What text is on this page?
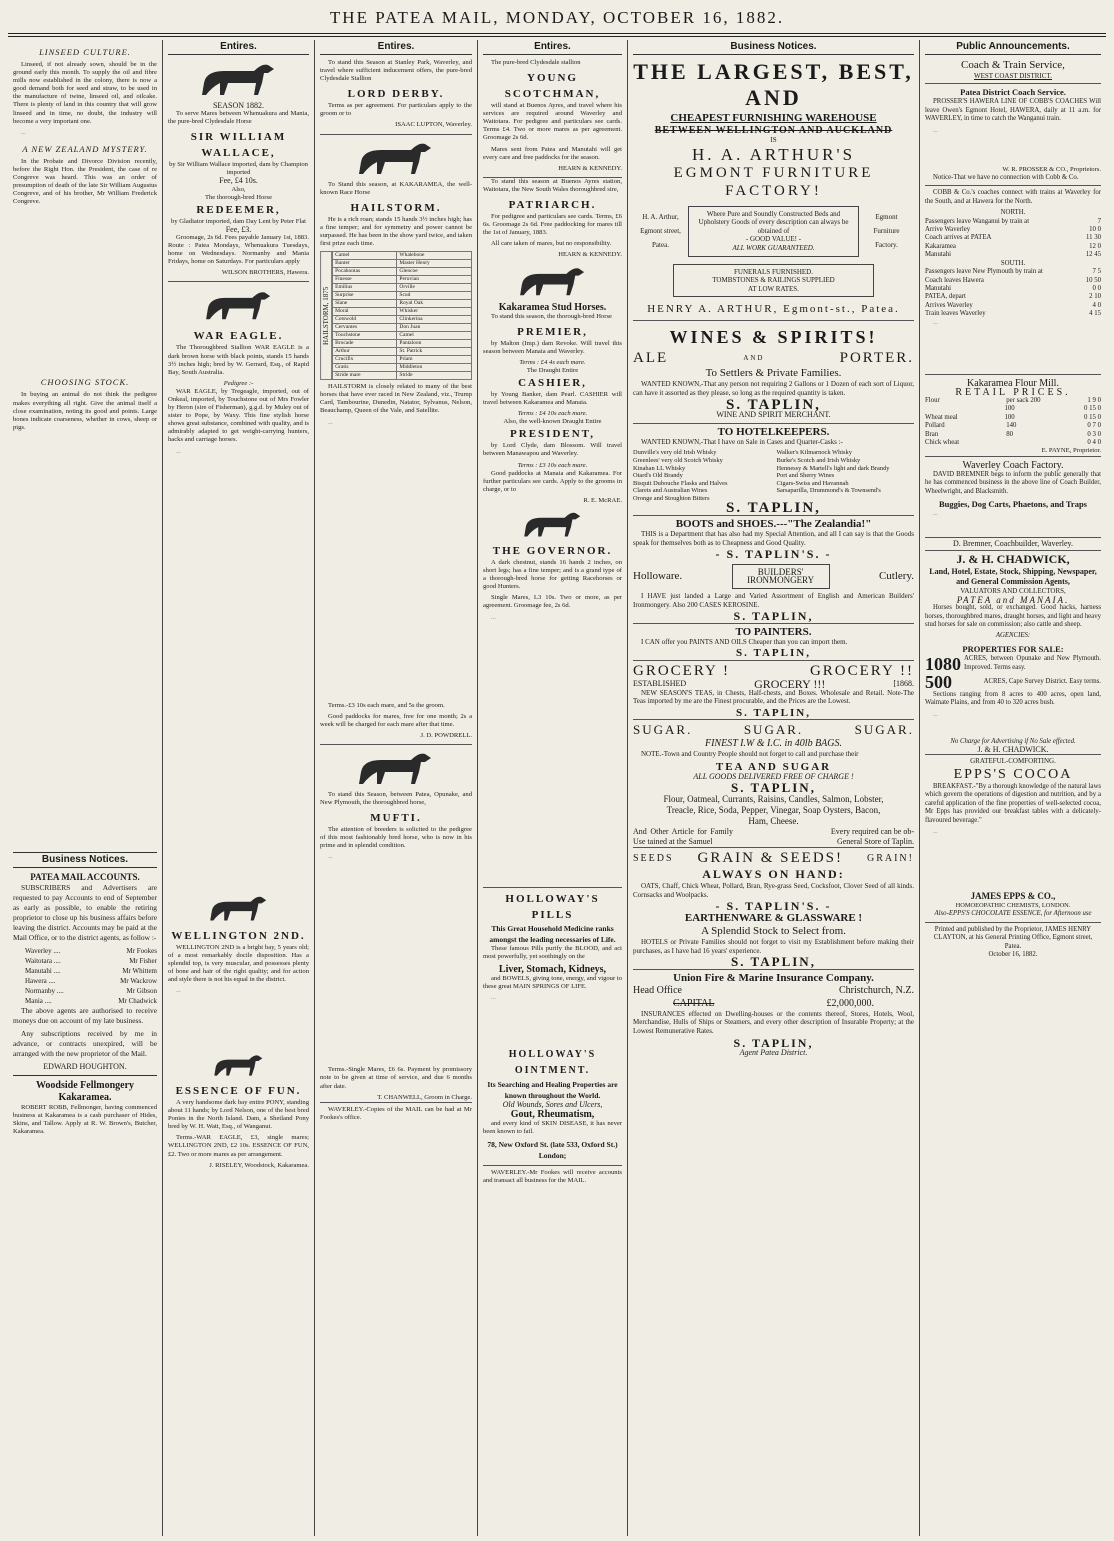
THE PATEA MAIL, MONDAY, OCTOBER 16, 1882.
LINSEED CULTURE.

Linseed, if not already sown, should be in the ground early this month. To supply the oil and fibre mills now established in the colony, there is now a good demand both for seed and straw, to be used in the manufacture of twine, linseed oil, and oilcake. There is plenty of land in this country that will grow linseed and in time, no doubt, the industry will become a very important one.

...

A NEW ZEALAND MYSTERY.

In the Probate and Divorce Division recently, before the Right Hon. the President, the case of re Congreve was heard. This was an order of presumption of death of the late Sir William Augustus Congreve, and of his brother, Mr William Frederick Congreve.

CHOOSING STOCK.

In buying an animal do not think the pedigree makes everything all right. Give the animal itself a close examination, noting its good and points. Large bones indicate coarseness, whether in cows, sheep or pigs.

Business Notices.
PATEA MAIL ACCOUNTS.

SUBSCRIBERS and Advertisers are requested to pay Accounts to end of September as early as possible, to enable the retiring proprietor to close up his business affairs before leaving the district. Accounts may be paid at the Mail Office, or to the district agents, as follow :-

Waverley ....	Mr Fookes
Waitotara ....	Mr Fisher
Manutahi ....	Mr Whittem
Hawera ....	Mr Wackrow
Normanby ....	Mr Gibson
Mania ....	Mr Chadwick

The above agents are authorised to receive moneys due on account of my late business.

Any subscriptions received by me in advance, or contracts unexpired, will be arranged with the new proprietor of the Mail.

EDWARD HOUGHTON.
Woodside Fellmongery Kakaramea.

ROBERT ROBB, Fellmonger, having commenced business at Kakaramea is a cash purchaser of Hides, Skins, and Tallow. Apply at R. W. Brown's, Butcher, Kakaramea.

Entires.
SEASON 1882.

To serve Mares between Whenuakura and Mania, the pure-bred Clydesdale Horse

SIR WILLIAM WALLACE,
by Sir William Wallace imported, dam by Champion imported
Fee, £4 10s.
Also,
The thorough-bred Horse
REDEEMER,
by Gladiator imported, dam Day Lent by Peter Flat
Fee, £3.

Groomage, 2s 6d. Fees payable January 1st, 1883. Route : Patea Mondays, Whenuakura Tuesdays, home on Wednesdays. Normanby and Mania Fridays, home on Saturdays. For particulars apply

WILSON BROTHERS, Hawera.
WAR EAGLE.

The Thoroughbred Stallion WAR EAGLE is a dark brown horse with black points, stands 15 hands 3½ inches high; bred by W. Gerrard, Esq., of Rapid Bay, South Australia.

Pedigree :-

WAR EAGLE, by Tregeagle, imported, out of Onkeal, imported, by Touchstone out of Mrs Fowler by Heron (sire of Fisherman), g.g.d. by Muley out of sister to Pope, by Waxy. This fine stylish horse shows great substance, combined with quality, and is admirably adapted to get weight-carrying hunters, hacks and carriage horses.

...

WELLINGTON 2ND.

WELLINGTON 2ND is a bright bay, 5 years old; of a most remarkably docile disposition. Has a splendid top, is very muscular, and possesses plenty of bone and hair of the right quality; and for action and style there is not his equal in the district.

...

ESSENCE OF FUN.

A very handsome dark bay entire PONY, standing about 11 hands; by Lord Nelson, one of the best bred Ponies in the North Island. Dam, a Shetland Pony bred by W. H. Watt, Esq., of Wanganui.

Terms.-WAR EAGLE, £3, single mares; WELLINGTON 2ND, £2 10s. ESSENCE OF FUN, £2. Two or more mares as per arrangement.

J. RISELEY, Woodstock, Kakaramea.
Entires.

To stand this Season at Stanley Park, Waverley, and travel where sufficient inducement offers, the pure-bred Clydesdale Stallion

LORD DERBY.

Terms as per agreement. For particulars apply to the groom or to

ISAAC LUPTON, Waverley.

To Stand this season, at KAKARAMEA, the well-known Race Horse

HAILSTORM.

He is a rich roan; stands 15 hands 3½ inches high; has a fine temper; and for symmetry and power cannot be surpassed. He has been in the show yard twice, and taken first prize each time.

HAILSTORM, 1875
Camel	Whalebone
Banter	Master Henry
Pocahontas	Glencoe
Finesse	Peruvian
Emilius	Orville
Surprise	Scud
Slane	Royal Oak
Moral	Whisker
Cotswold	Clinkerina
Cervantes	Don Juan
Touchstone	Camel
Brocade	Pantaloon
Arthur	St. Patrick
Crucifix	Priam
Gratis	Middleton
Stride mare	Stride

HAILSTORM is closely related to many of the best horses that have ever raced in New Zealand, viz., Trump Card, Tambourine, Dunedin, Natator, Sylvanus, Nelson, Beauchamp, Queen of the Vale, and Satellite.

...

Terms.-£3 10s each mare, and 5s the groom.

Good paddocks for mares, free for one month; 2s a week will be charged for each mare after that time.

J. D. POWDRELL.

To stand this Season, between Patea, Opunake, and New Plymouth, the thoroughbred horse,

MUFTI.

The attention of breeders is solicited to the pedigree of this most fashionably bred horse, who is now in his prime and in splendid condition.

...

Terms.-Single Mares, £6 6s. Payment by promissory note to be given at time of service, and due 6 months after date.

T. CHANWELL, Groom in Charge.

WAVERLEY.-Copies of the MAIL can be had at Mr Fookes's office.

Entires.

The pure-bred Clydesdale stallion

YOUNG SCOTCHMAN,

will stand at Buenos Ayres, and travel where his services are required around Waverley and Waitotara. For pedigree and particulars see cards. Terms £4. Two or more mares as per agreement. Groomage 2s 6d.

Mares sent from Patea and Manutahi will get every care and free paddocks for the season.

HEARN & KENNEDY.

To stand this season at Buenos Ayres station, Waitotara, the New South Wales thoroughbred sire,

PATRIARCH.

For pedigree and particulars see cards. Terms, £6 6s. Groomage 2s 6d. Free paddocking for mares till the 1st of January, 1883.

All care taken of mares, but no responsibility.

HEARN & KENNEDY.
Kakaramea Stud Horses.

To stand this season, the thorough-bred Horse

PREMIER,

by Malton (Imp.) dam Revoke. Will travel this season between Manaia and Waverley.

Terms : £4 4s each mare.
The Draught Entire
CASHIER,

by Young Banker, dam Pearl. CASHIER will travel between Kakaramea and Manaia.

Terms : £4 10s each mare.
Also, the well-known Draught Entire
PRESIDENT,

by Lord Clyde, dam Blossom. Will travel between Manawapou and Waverley.

Terms : £3 10s each mare.

Good paddocks at Manaia and Kakaramea. For further particulars see cards. Apply to the grooms in charge, or to

R. E. McRAE.
THE GOVERNOR.

A dark chestnut, stands 16 hands 2 inches, on short legs; has a fine temper; and is a grand type of a thorough-bred horse for getting Racehorses or good Hunters.

Single Mares, L3 10s. Two or more, as per agreement. Groomage fee, 2s 6d.

...

HOLLOWAY'S PILLS
This Great Household Medicine ranks amongst the leading necessaries of Life.

These famous Pills purify the BLOOD, and act most powerfully, yet soothingly on the

Liver, Stomach, Kidneys,

and BOWELS, giving tone, energy, and vigour to these great MAIN SPRINGS OF LIFE.

...

HOLLOWAY'S OINTMENT.
Its Searching and Healing Properties are known throughout the World.
Old Wounds, Sores and Ulcers,
Gout, Rheumatism,

and every kind of SKIN DISEASE, it has never been known to fail.

78, New Oxford St. (late 533, Oxford St.) London;

WAVERLEY.-Mr Fookes will receive accounts and transact all business for the MAIL.

Business Notices.
THE LARGEST, BEST, AND
CHEAPEST FURNISHING WAREHOUSE
BETWEEN WELLINGTON AND AUCKLAND
IS
H. A. ARTHUR'S
EGMONT FURNITURE FACTORY!
H. A. Arthur,
Egmont street,
Patea.
Where Pure and Soundly Constructed Beds and Upholstery Goods of every description can always be obtained of
- GOOD VALUE! -
ALL WORK GUARANTEED.
Egmont
Furniture
Factory.
FUNERALS FURNISHED.
TOMBSTONES & RAILINGS SUPPLIED
AT LOW RATES.
HENRY A. ARTHUR, Egmont-st., Patea.
WINES & SPIRITS!
ALE	AND	PORTER.
To Settlers & Private Families.

WANTED KNOWN,-That any person not requiring 2 Gallons or 1 Dozen of each sort of Liquor, can have it assorted as they please, so long as the required quantity is taken.

S. TAPLIN,
WINE AND SPIRIT MERCHANT.
TO HOTELKEEPERS.

WANTED KNOWN,-That I have on Sale in Cases and Quarter-Casks :-

Dunville's very old Irish Whisky
Greenlees' very old Scotch Whisky
Kinahan LL Whisky
Otard's Old Brandy
Bisquit Dubouche Flasks and Halves
Clarets and Australian Wines
Oronge and Stoughton Bitters
Walker's Kilmarnock Whisky
Burke's Scotch and Irish Whisky
Hennessy & Martell's light and dark Brandy
Port and Sherry Wines
Cigars-Swiss and Havannah
Sarsaparilla, Drummond's & Townsend's
S. TAPLIN,
BOOTS and SHOES.---"The Zealandia!"

THIS is a Department that has also had my Special Attention, and all I can say is that the Goods speak for themselves both as to Cheapness and Good Quality.

- S. TAPLIN'S. -
Holloware.	BUILDERS' IRONMONGERY	Cutlery.

I HAVE just landed a Large and Varied Assortment of English and American Builders' Ironmongery. Also 200 CASES KEROSINE.

S. TAPLIN,
TO PAINTERS.

I CAN offer you PAINTS AND OILS Cheaper than you can import them.

S. TAPLIN,
GROCERY !	GROCERY !!
ESTABLISHED	GROCERY !!!	[1868.

NEW SEASON'S TEAS, in Chests, Half-chests, and Boxes. Wholesale and Retail. Note-The Teas imported by me are the Finest procurable, and the Prices are the Lowest.

S. TAPLIN,
SUGAR.	SUGAR.	SUGAR.
FINEST I.W & I.C. in 40lb BAGS.

NOTE.-Town and Country People should not forget to call and purchase their

TEA AND SUGAR
ALL GOODS DELIVERED FREE OF CHARGE !
S. TAPLIN,
Flour, Oatmeal, Currants, Raisins, Candles, Salmon, Lobster, Treacle, Rice, Soda, Pepper, Vinegar, Soap Oysters, Bacon, Ham, Cheese.
And Other Article for Family Use tained at the Samuel
Every required can be ob- General Store of Taplin.
SEEDS GRAIN & SEEDS! GRAIN!
ALWAYS ON HAND:

OATS, Chaff, Chick Wheat, Pollard, Bran, Rye-grass Seed, Cocksfoot, Clover Seed of all kinds. Cornsacks and Woolpacks.

- S. TAPLIN'S. -
EARTHENWARE & GLASSWARE !
A Splendid Stock to Select from.

HOTELS or Private Families should not forget to visit my Establishment before making their purchases, as I have had 16 years' experience.

S. TAPLIN,
Union Fire & Marine Insurance Company.
Head Office	Christchurch, N.Z.
CAPITAL	£2,000,000.

INSURANCES effected on Dwelling-houses or the contents thereof, Stores, Hotels, Wool, Merchandise, Hulls of Ships or Steamers, and every other description of Insurable Property; at the Lowest Remunerative Rates.

S. TAPLIN,
Agent Patea District.
Public Announcements.
Coach & Train Service,
WEST COAST DISTRICT.
Patea District Coach Service.

PROSSER'S HAWERA LINE OF COBB'S COACHES Will leave Owen's Egmont Hotel, HAWERA, daily at 11 a.m. for WAVERLEY, in time to catch the Wanganui train.

...

W. R. PROSSER & CO., Proprietors.

Notice-That we have no connection with Cobb & Co.

COBB & Co.'s coaches connect with trains at Waverley for the South, and at Hawera for the North.

NORTH.
Passengers leave Wanganui by train at	7
Arrive Waverley	10 0
Coach arrives at PATEA	11 30
Kakaramea	12 0
Manutahi	12 45
SOUTH.
Passengers leave New Plymouth by train at	7 5
Coach leaves Hawera	10 50
Manutahi	0 0
PATEA, depart	2 10
Arrives Waverley	4 0
Train leaves Waverley	4 15

...

Kakaramea Flour Mill.
RETAIL PRICES.
Flour	per sack 200	1 9 0
100	0 15 0
Wheat meal	100	0 15 0
Pollard	140	0 7 0
Bran	80	0 3 0
Chick wheat	0 4 0
E. PAYNE, Proprietor.
Waverley Coach Factory.

DAVID BREMNER begs to inform the public generally that he has commenced business in the above line of Coach Builder, Wheelwright, and Blacksmith.

Buggies, Dog Carts, Phaetons, and Traps

...

D. Bremner, Coachbuilder, Waverley.
J. & H. CHADWICK,
Land, Hotel, Estate, Stock, Shipping, Newspaper, and General Commission Agents,
VALUATORS AND COLLECTORS,
PATEA and MANAIA.

Horses bought, sold, or exchanged. Good hacks, harness horses, thoroughbred mares, draught horses, and light and heavy stud horses for sale on commission; also cattle and sheep.

AGENCIES:
PROPERTIES FOR SALE:
1080 ACRES, between Opunake and New Plymouth. Improved. Terms easy.
500	ACRES, Cape Survey District. Easy terms.

Sections ranging from 8 acres to 400 acres, open land, Waimate Plains, and from 40 to 320 acres bush.

...

No Charge for Advertising if No Sale effected.
J. & H. CHADWICK.
GRATEFUL-COMFORTING.
EPPS'S COCOA

BREAKFAST.-"By a thorough knowledge of the natural laws which govern the operations of digestion and nutrition, and by a careful application of the fine properties of well-selected cocoa, Mr Epps has provided our breakfast tables with a delicately-flavoured beverage."

...

JAMES EPPS & CO.,
HOMOEOPATHIC CHEMISTS, LONDON.
Also-EPPS'S CHOCOLATE ESSENCE, for Afternoon use
Printed and published by the Proprietor, JAMES HENRY CLAYTON, at his General Printing Office, Egmont street, Patea.
October 16, 1882.
